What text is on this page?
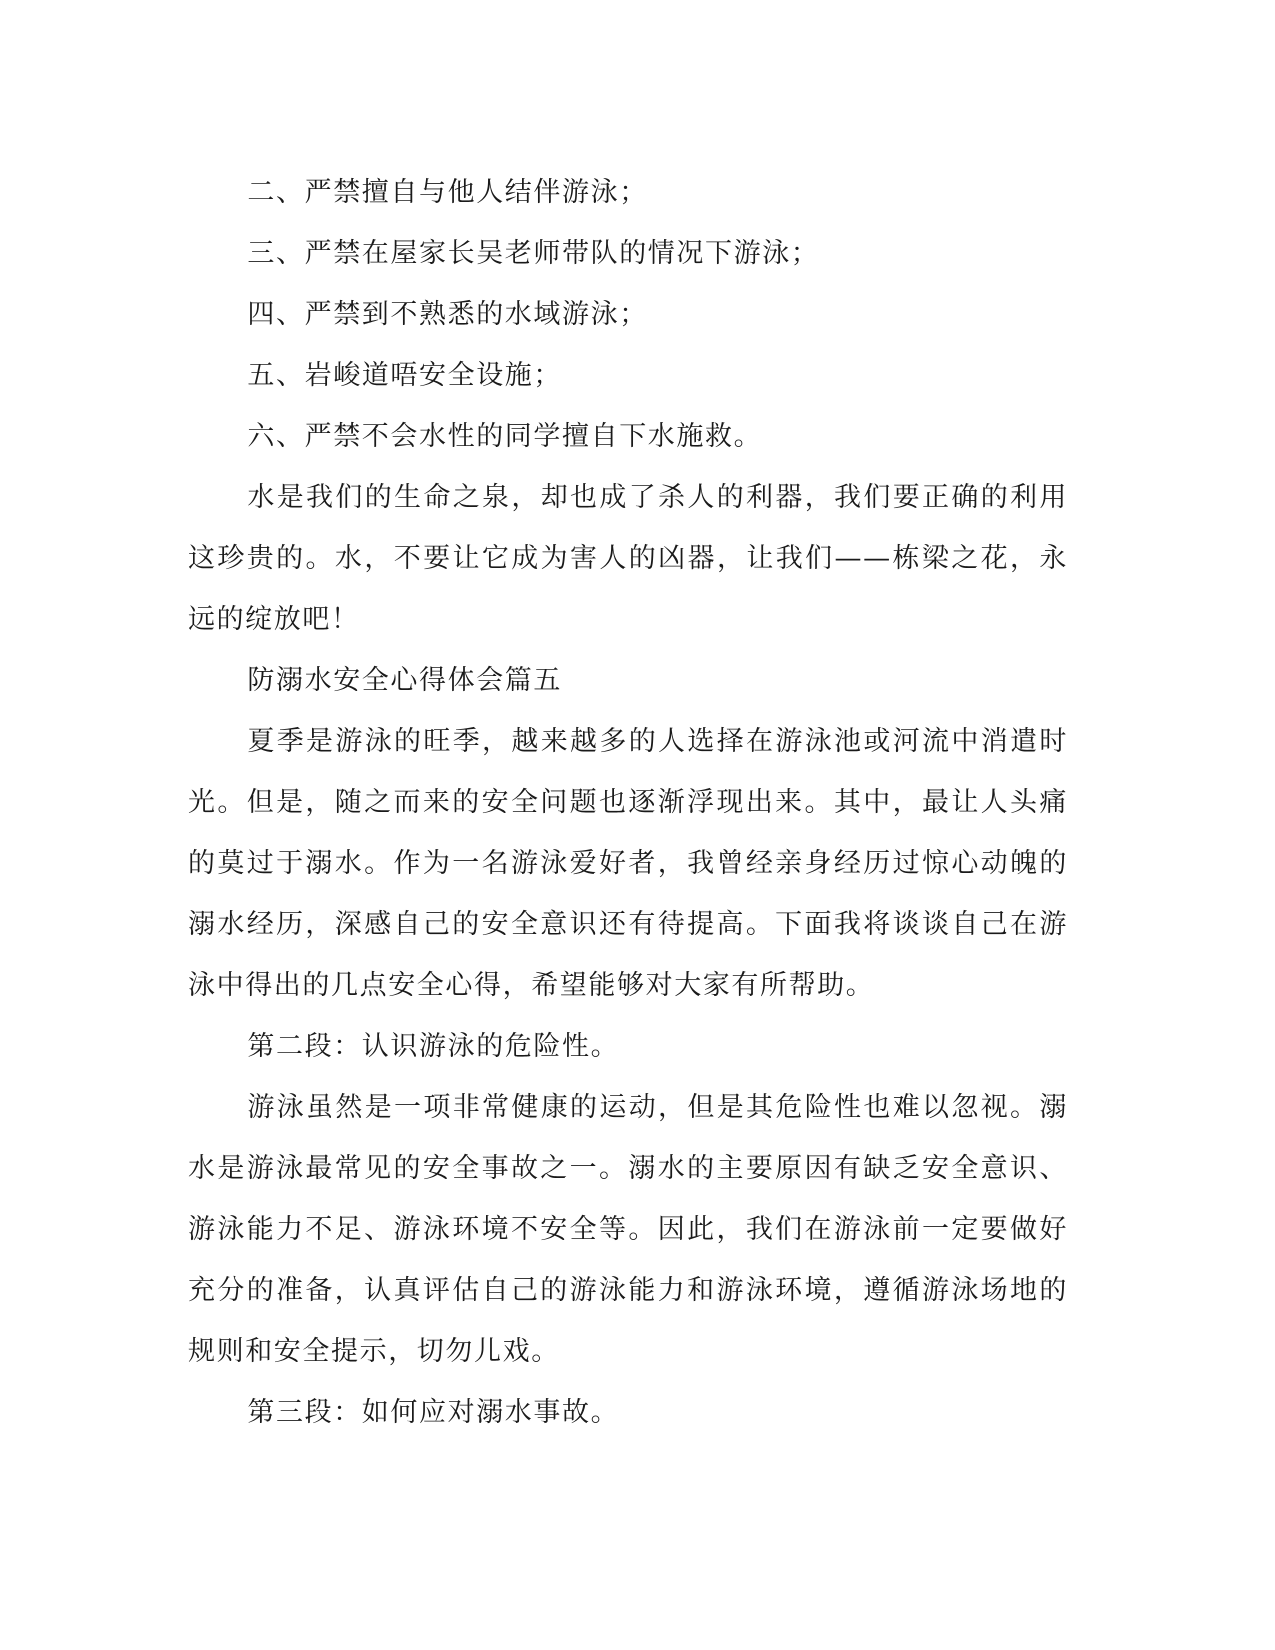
二、严禁擅自与他人结伴游泳；

三、严禁在屋家长吴老师带队的情况下游泳；

四、严禁到不熟悉的水域游泳；

五、岩峻道唔安全设施；

六、严禁不会水性的同学擅自下水施救。

水是我们的生命之泉，却也成了杀人的利器，我们要正确的利用这珍贵的。水，不要让它成为害人的凶器，让我们——栋梁之花，永远的绽放吧！

防溺水安全心得体会篇五

夏季是游泳的旺季，越来越多的人选择在游泳池或河流中消遣时光。但是，随之而来的安全问题也逐渐浮现出来。其中，最让人头痛的莫过于溺水。作为一名游泳爱好者，我曾经亲身经历过惊心动魄的溺水经历，深感自己的安全意识还有待提高。下面我将谈谈自己在游泳中得出的几点安全心得，希望能够对大家有所帮助。

第二段：认识游泳的危险性。

游泳虽然是一项非常健康的运动，但是其危险性也难以忽视。溺水是游泳最常见的安全事故之一。溺水的主要原因有缺乏安全意识、游泳能力不足、游泳环境不安全等。因此，我们在游泳前一定要做好充分的准备，认真评估自己的游泳能力和游泳环境，遵循游泳场地的规则和安全提示，切勿儿戏。

第三段：如何应对溺水事故。
